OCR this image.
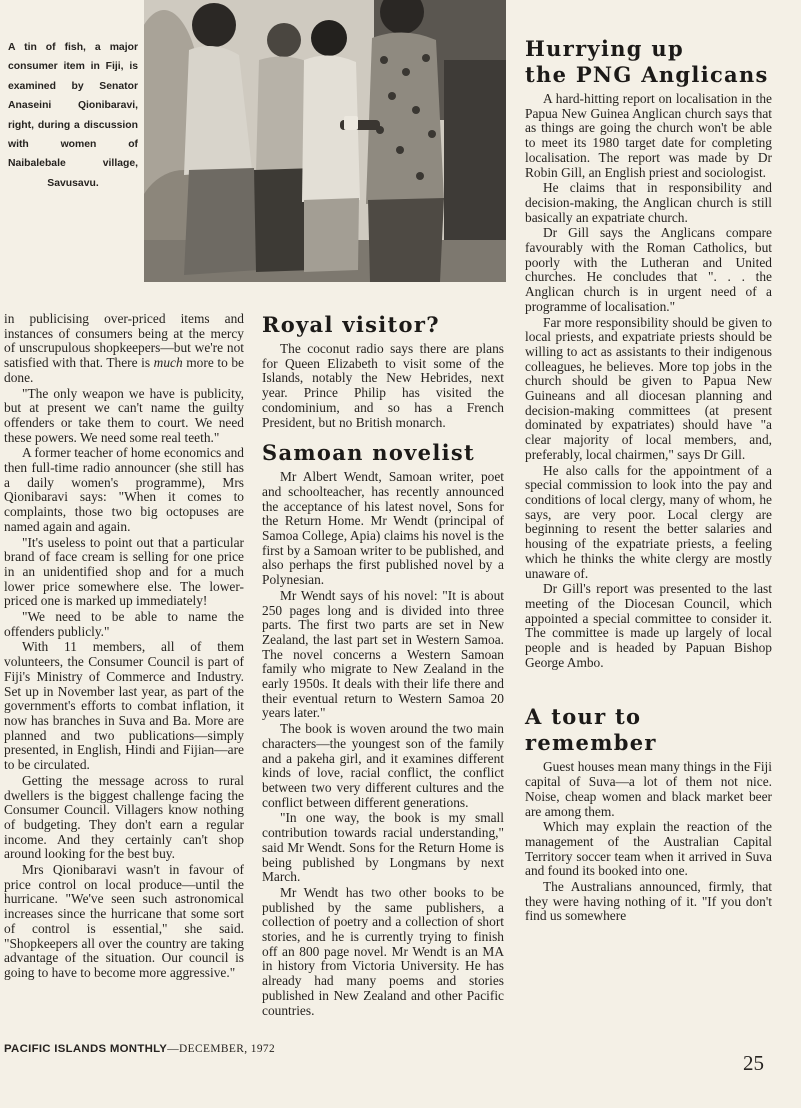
A tin of fish, a major consumer item in Fiji, is examined by Senator Anaseini Qionibaravi, right, during a discussion with women of Naibalebale village, Savusavu.

in publicising over-priced items and instances of consumers being at the mercy of unscrupulous shopkeepers—but we're not satisfied with that. There is much more to be done.

"The only weapon we have is publicity, but at present we can't name the guilty offenders or take them to court. We need these powers. We need some real teeth."

A former teacher of home economics and then full-time radio announcer (she still has a daily women's programme), Mrs Qionibaravi says: "When it comes to complaints, those two big octopuses are named again and again.

"It's useless to point out that a particular brand of face cream is selling for one price in an unidentified shop and for a much lower price somewhere else. The lower-priced one is marked up immediately!

"We need to be able to name the offenders publicly."

With 11 members, all of them volunteers, the Consumer Council is part of Fiji's Ministry of Commerce and Industry. Set up in November last year, as part of the government's efforts to combat inflation, it now has branches in Suva and Ba. More are planned and two publications—simply presented, in English, Hindi and Fijian—are to be circulated.

Getting the message across to rural dwellers is the biggest challenge facing the Consumer Council. Villagers know nothing of budgeting. They don't earn a regular income. And they certainly can't shop around looking for the best buy.

Mrs Qionibaravi wasn't in favour of price control on local produce—until the hurricane. "We've seen such astronomical increases since the hurricane that some sort of control is essential," she said. "Shopkeepers all over the country are taking advantage of the situation. Our council is going to have to become more aggressive."

Royal visitor?

The coconut radio says there are plans for Queen Elizabeth to visit some of the Islands, notably the New Hebrides, next year. Prince Philip has visited the condominium, and so has a French President, but no British monarch.

Samoan novelist

Mr Albert Wendt, Samoan writer, poet and schoolteacher, has recently announced the acceptance of his latest novel, Sons for the Return Home. Mr Wendt (principal of Samoa College, Apia) claims his novel is the first by a Samoan writer to be published, and also perhaps the first published novel by a Polynesian.

Mr Wendt says of his novel: "It is about 250 pages long and is divided into three parts. The first two parts are set in New Zealand, the last part set in Western Samoa. The novel concerns a Western Samoan family who migrate to New Zealand in the early 1950s. It deals with their life there and their eventual return to Western Samoa 20 years later."

The book is woven around the two main characters—the youngest son of the family and a pakeha girl, and it examines different kinds of love, racial conflict, the conflict between two very different cultures and the conflict between different generations.

"In one way, the book is my small contribution towards racial understanding," said Mr Wendt. Sons for the Return Home is being published by Longmans by next March.

Mr Wendt has two other books to be published by the same publishers, a collection of poetry and a collection of short stories, and he is currently trying to finish off an 800 page novel. Mr Wendt is an MA in history from Victoria University. He has already had many poems and stories published in New Zealand and other Pacific countries.

Hurrying up
the PNG Anglicans

A hard-hitting report on localisation in the Papua New Guinea Anglican church says that as things are going the church won't be able to meet its 1980 target date for completing localisation. The report was made by Dr Robin Gill, an English priest and sociologist.

He claims that in responsibility and decision-making, the Anglican church is still basically an expatriate church.

Dr Gill says the Anglicans compare favourably with the Roman Catholics, but poorly with the Lutheran and United churches. He concludes that ". . . the Anglican church is in urgent need of a programme of localisation."

Far more responsibility should be given to local priests, and expatriate priests should be willing to act as assistants to their indigenous colleagues, he believes. More top jobs in the church should be given to Papua New Guineans and all diocesan planning and decision-making committees (at present dominated by expatriates) should have "a clear majority of local members, and, preferably, local chairmen," says Dr Gill.

He also calls for the appointment of a special commission to look into the pay and conditions of local clergy, many of whom, he says, are very poor. Local clergy are beginning to resent the better salaries and housing of the expatriate priests, a feeling which he thinks the white clergy are mostly unaware of.

Dr Gill's report was presented to the last meeting of the Diocesan Council, which appointed a special committee to consider it. The committee is made up largely of local people and is headed by Papuan Bishop George Ambo.

A tour to
remember

Guest houses mean many things in the Fiji capital of Suva—a lot of them not nice. Noise, cheap women and black market beer are among them.

Which may explain the reaction of the management of the Australian Capital Territory soccer team when it arrived in Suva and found its booked into one.

The Australians announced, firmly, that they were having nothing of it. "If you don't find us somewhere

PACIFIC ISLANDS MONTHLY—DECEMBER, 1972
25
